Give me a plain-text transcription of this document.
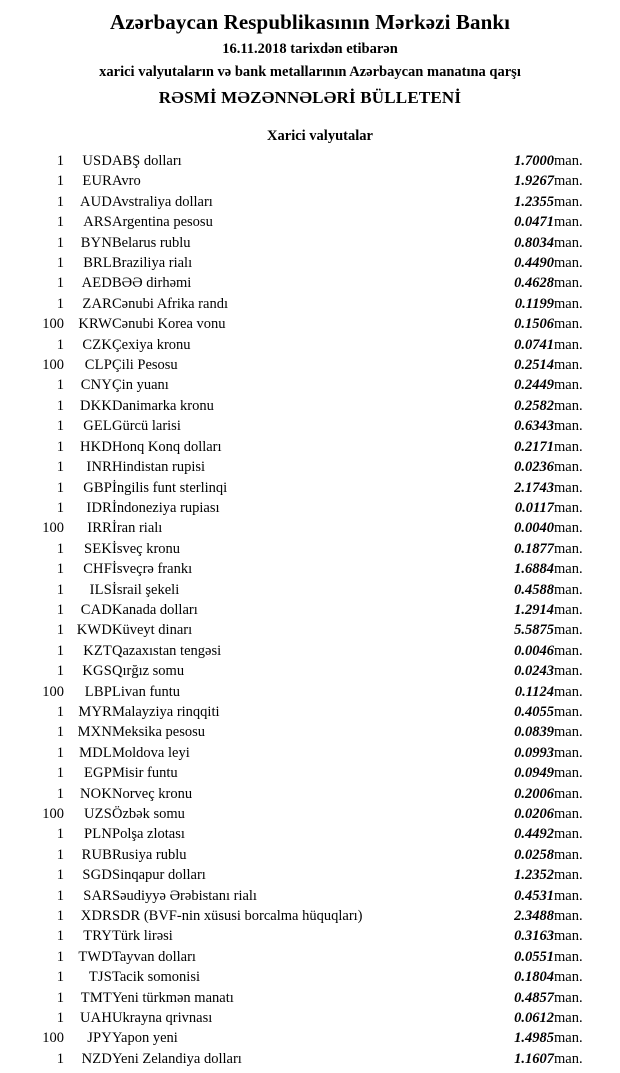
Azərbaycan Respublikasının Mərkəzi Bankı
16.11.2018 tarixdən etibarən
xarici valyutaların və bank metallarının Azərbaycan manatına qarşı
RƏSMİ MƏZƏNNƏLƏRİ BÜLLETENİ
Xarici valyutalar
1	USD	ABŞ dolları	1.7000	man.
1	EUR	Avro	1.9267	man.
1	AUD	Avstraliya dolları	1.2355	man.
1	ARS	Argentina pesosu	0.0471	man.
1	BYN	Belarus rublu	0.8034	man.
1	BRL	Braziliya rialı	0.4490	man.
1	AED	BƏƏ dirhəmi	0.4628	man.
1	ZAR	Cənubi Afrika randı	0.1199	man.
100	KRW	Cənubi Korea vonu	0.1506	man.
1	CZK	Çexiya kronu	0.0741	man.
100	CLP	Çili Pesosu	0.2514	man.
1	CNY	Çin yuanı	0.2449	man.
1	DKK	Danimarka kronu	0.2582	man.
1	GEL	Gürcü larisi	0.6343	man.
1	HKD	Honq Konq dolları	0.2171	man.
1	INR	Hindistan rupisi	0.0236	man.
1	GBP	İngilis funt sterlinqi	2.1743	man.
1	IDR	İndoneziya rupiası	0.0117	man.
100	IRR	İran rialı	0.0040	man.
1	SEK	İsveç kronu	0.1877	man.
1	CHF	İsveçrə frankı	1.6884	man.
1	ILS	İsrail şekeli	0.4588	man.
1	CAD	Kanada dolları	1.2914	man.
1	KWD	Küveyt dinarı	5.5875	man.
1	KZT	Qazaxıstan tengəsi	0.0046	man.
1	KGS	Qırğız somu	0.0243	man.
100	LBP	Livan funtu	0.1124	man.
1	MYR	Malayziya rinqqiti	0.4055	man.
1	MXN	Meksika pesosu	0.0839	man.
1	MDL	Moldova leyi	0.0993	man.
1	EGP	Misir funtu	0.0949	man.
1	NOK	Norveç kronu	0.2006	man.
100	UZS	Özbək somu	0.0206	man.
1	PLN	Polşa zlotası	0.4492	man.
1	RUB	Rusiya rublu	0.0258	man.
1	SGD	Sinqapur dolları	1.2352	man.
1	SAR	Səudiyyə Ərəbistanı rialı	0.4531	man.
1	XDR	SDR (BVF-nin xüsusi borcalma hüquqları)	2.3488	man.
1	TRY	Türk lirəsi	0.3163	man.
1	TWD	Tayvan dolları	0.0551	man.
1	TJS	Tacik somonisi	0.1804	man.
1	TMT	Yeni türkmən manatı	0.4857	man.
1	UAH	Ukrayna qrivnası	0.0612	man.
100	JPY	Yapon yeni	1.4985	man.
1	NZD	Yeni Zelandiya dolları	1.1607	man.
